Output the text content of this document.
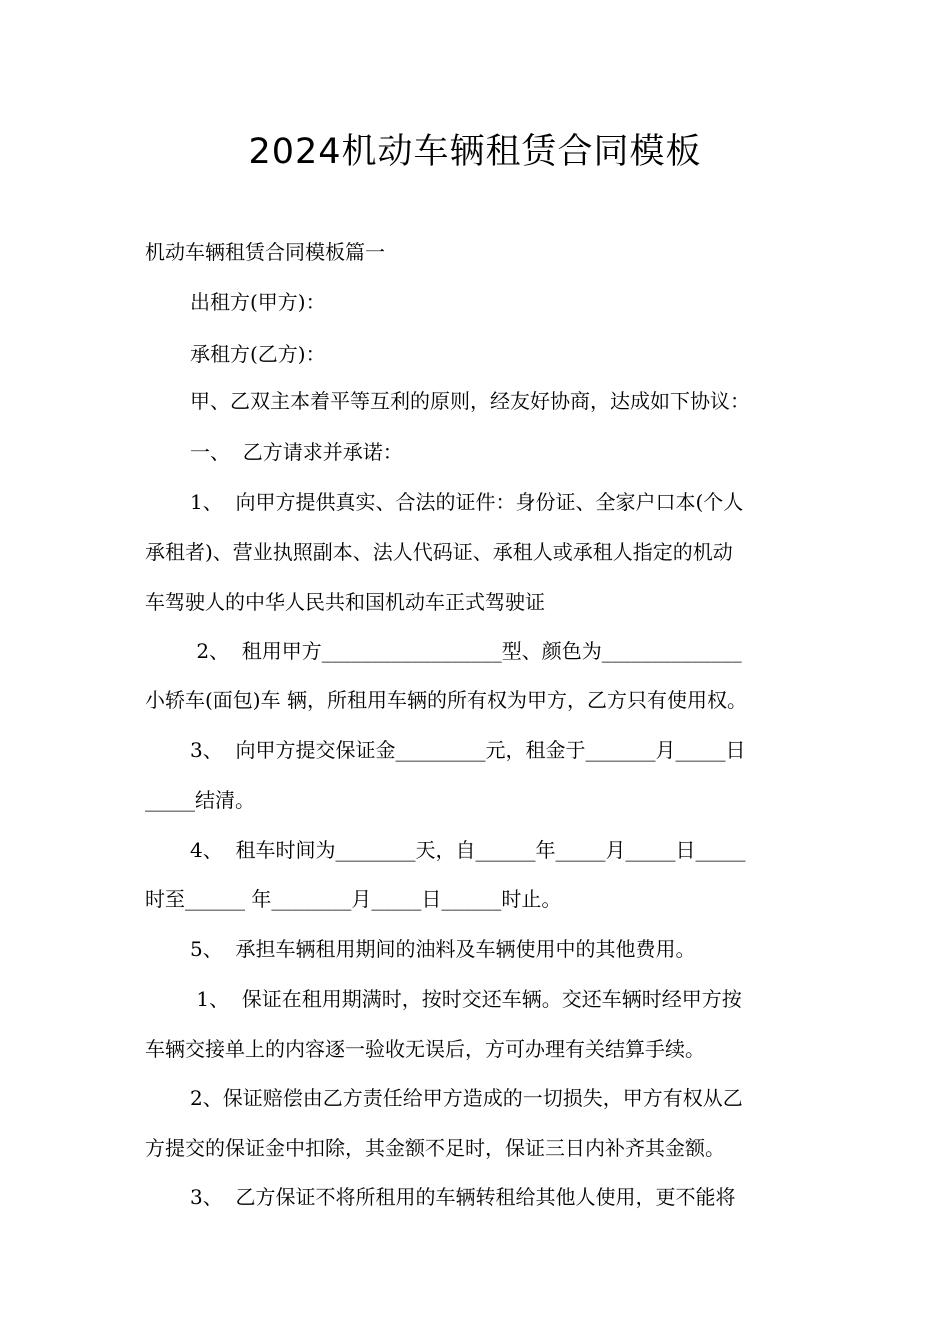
2024机动车辆租赁合同模板
机动车辆租赁合同模板篇一
出租方(甲方)：
承租方(乙方)：
甲、乙双主本着平等互利的原则，经友好协商，达成如下协议：
一、  乙方请求并承诺：
1、  向甲方提供真实、合法的证件：身份证、全家户口本(个人
承租者)、营业执照副本、法人代码证、承租人或承租人指定的机动
车驾驶人的中华人民共和国机动车正式驾驶证
2、  租用甲方__________________型、颜色为______________
小轿车(面包)车 辆，所租用车辆的所有权为甲方，乙方只有使用权。
3、  向甲方提交保证金_________元，租金于_______月_____日
_____结清。
4、  租车时间为________天，自______年_____月_____日_____
时至______ 年________月_____日______时止。
5、  承担车辆租用期间的油料及车辆使用中的其他费用。
1、  保证在租用期满时，按时交还车辆。交还车辆时经甲方按
车辆交接单上的内容逐一验收无误后，方可办理有关结算手续。
2、保证赔偿由乙方责任给甲方造成的一切损失，甲方有权从乙
方提交的保证金中扣除，其金额不足时，保证三日内补齐其金额。
3、  乙方保证不将所租用的车辆转租给其他人使用，更不能将
